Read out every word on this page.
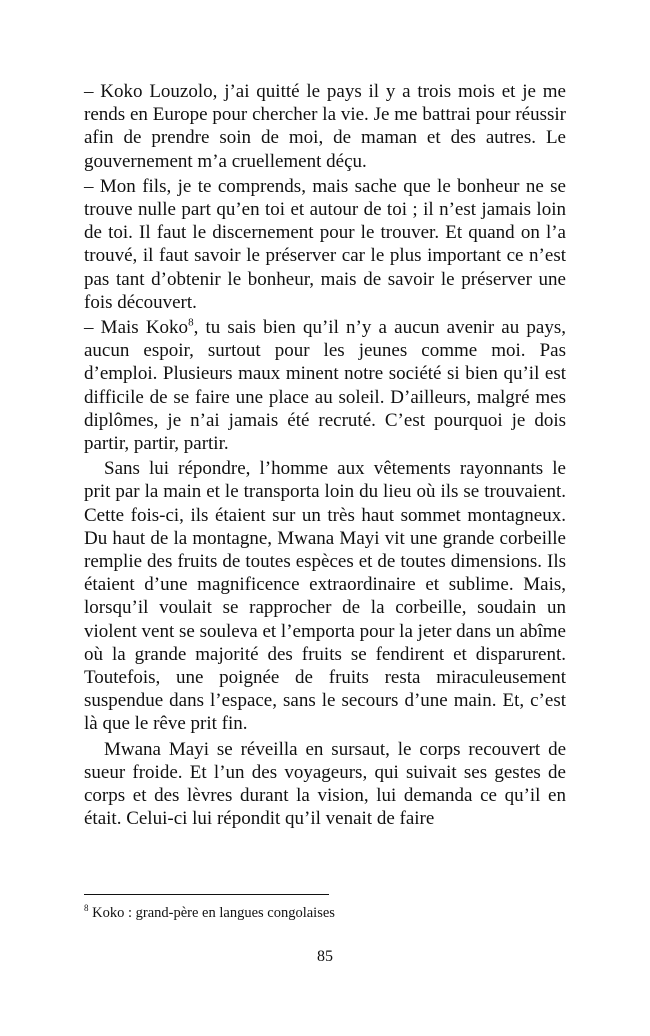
– Koko Louzolo, j’ai quitté le pays il y a trois mois et je me rends en Europe pour chercher la vie. Je me battrai pour réussir afin de prendre soin de moi, de maman et des autres. Le gouvernement m’a cruellement déçu.

– Mon fils, je te comprends, mais sache que le bonheur ne se trouve nulle part qu’en toi et autour de toi ; il n’est jamais loin de toi. Il faut le discernement pour le trouver. Et quand on l’a trouvé, il faut savoir le préserver car le plus important ce n’est pas tant d’obtenir le bonheur, mais de savoir le préserver une fois découvert.

– Mais Koko$^8$, tu sais bien qu’il n’y a aucun avenir au pays, aucun espoir, surtout pour les jeunes comme moi. Pas d’emploi. Plusieurs maux minent notre société si bien qu’il est difficile de se faire une place au soleil. D’ailleurs, malgré mes diplômes, je n’ai jamais été recruté. C’est pourquoi je dois partir, partir, partir.

Sans lui répondre, l’homme aux vêtements rayonnants le prit par la main et le transporta loin du lieu où ils se trouvaient. Cette fois-ci, ils étaient sur un très haut sommet montagneux. Du haut de la montagne, Mwana Mayi vit une grande corbeille remplie des fruits de toutes espèces et de toutes dimensions. Ils étaient d’une magnificence extraordinaire et sublime. Mais, lorsqu’il voulait se rapprocher de la corbeille, soudain un violent vent se souleva et l’emporta pour la jeter dans un abîme où la grande majorité des fruits se fendirent et disparurent. Toutefois, une poignée de fruits resta miraculeusement suspendue dans l’espace, sans le secours d’une main. Et, c’est là que le rêve prit fin.

Mwana Mayi se réveilla en sursaut, le corps recouvert de sueur froide. Et l’un des voyageurs, qui suivait ses gestes de corps et des lèvres durant la vision, lui demanda ce qu’il en était. Celui-ci lui répondit qu’il venait de faire

$^8$ Koko : grand-père en langues congolaises
85
